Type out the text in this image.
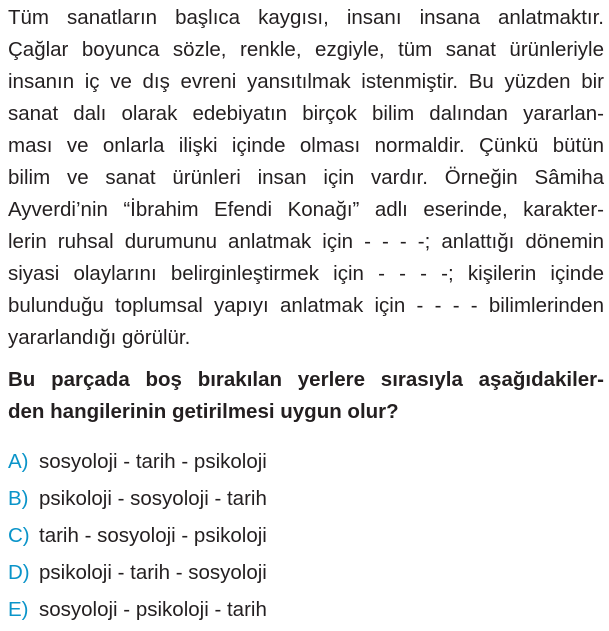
Tüm sanatların başlıca kaygısı, insanı insana anlatmaktır.
Çağlar boyunca sözle, renkle, ezgiyle, tüm sanat ürünleriyle
insanın iç ve dış evreni yansıtılmak istenmiştir. Bu yüzden bir
sanat dalı olarak edebiyatın birçok bilim dalından yararlan-
ması ve onlarla ilişki içinde olması normaldir. Çünkü bütün
bilim ve sanat ürünleri insan için vardır. Örneğin Sâmiha
Ayverdi’nin “İbrahim Efendi Konağı” adlı eserinde, karakter-
lerin ruhsal durumunu anlatmak için - - - -; anlattığı dönemin
siyasi olaylarını belirginleştirmek için - - - -; kişilerin içinde
bulunduğu toplumsal yapıyı anlatmak için - - - - bilimlerinden
yararlandığı görülür.
Bu parçada boş bırakılan yerlere sırasıyla aşağıdakiler-
den hangilerinin getirilmesi uygun olur?
A) sosyoloji - tarih - psikoloji
B) psikoloji - sosyoloji - tarih
C) tarih - sosyoloji - psikoloji
D) psikoloji - tarih - sosyoloji
E) sosyoloji - psikoloji - tarih
